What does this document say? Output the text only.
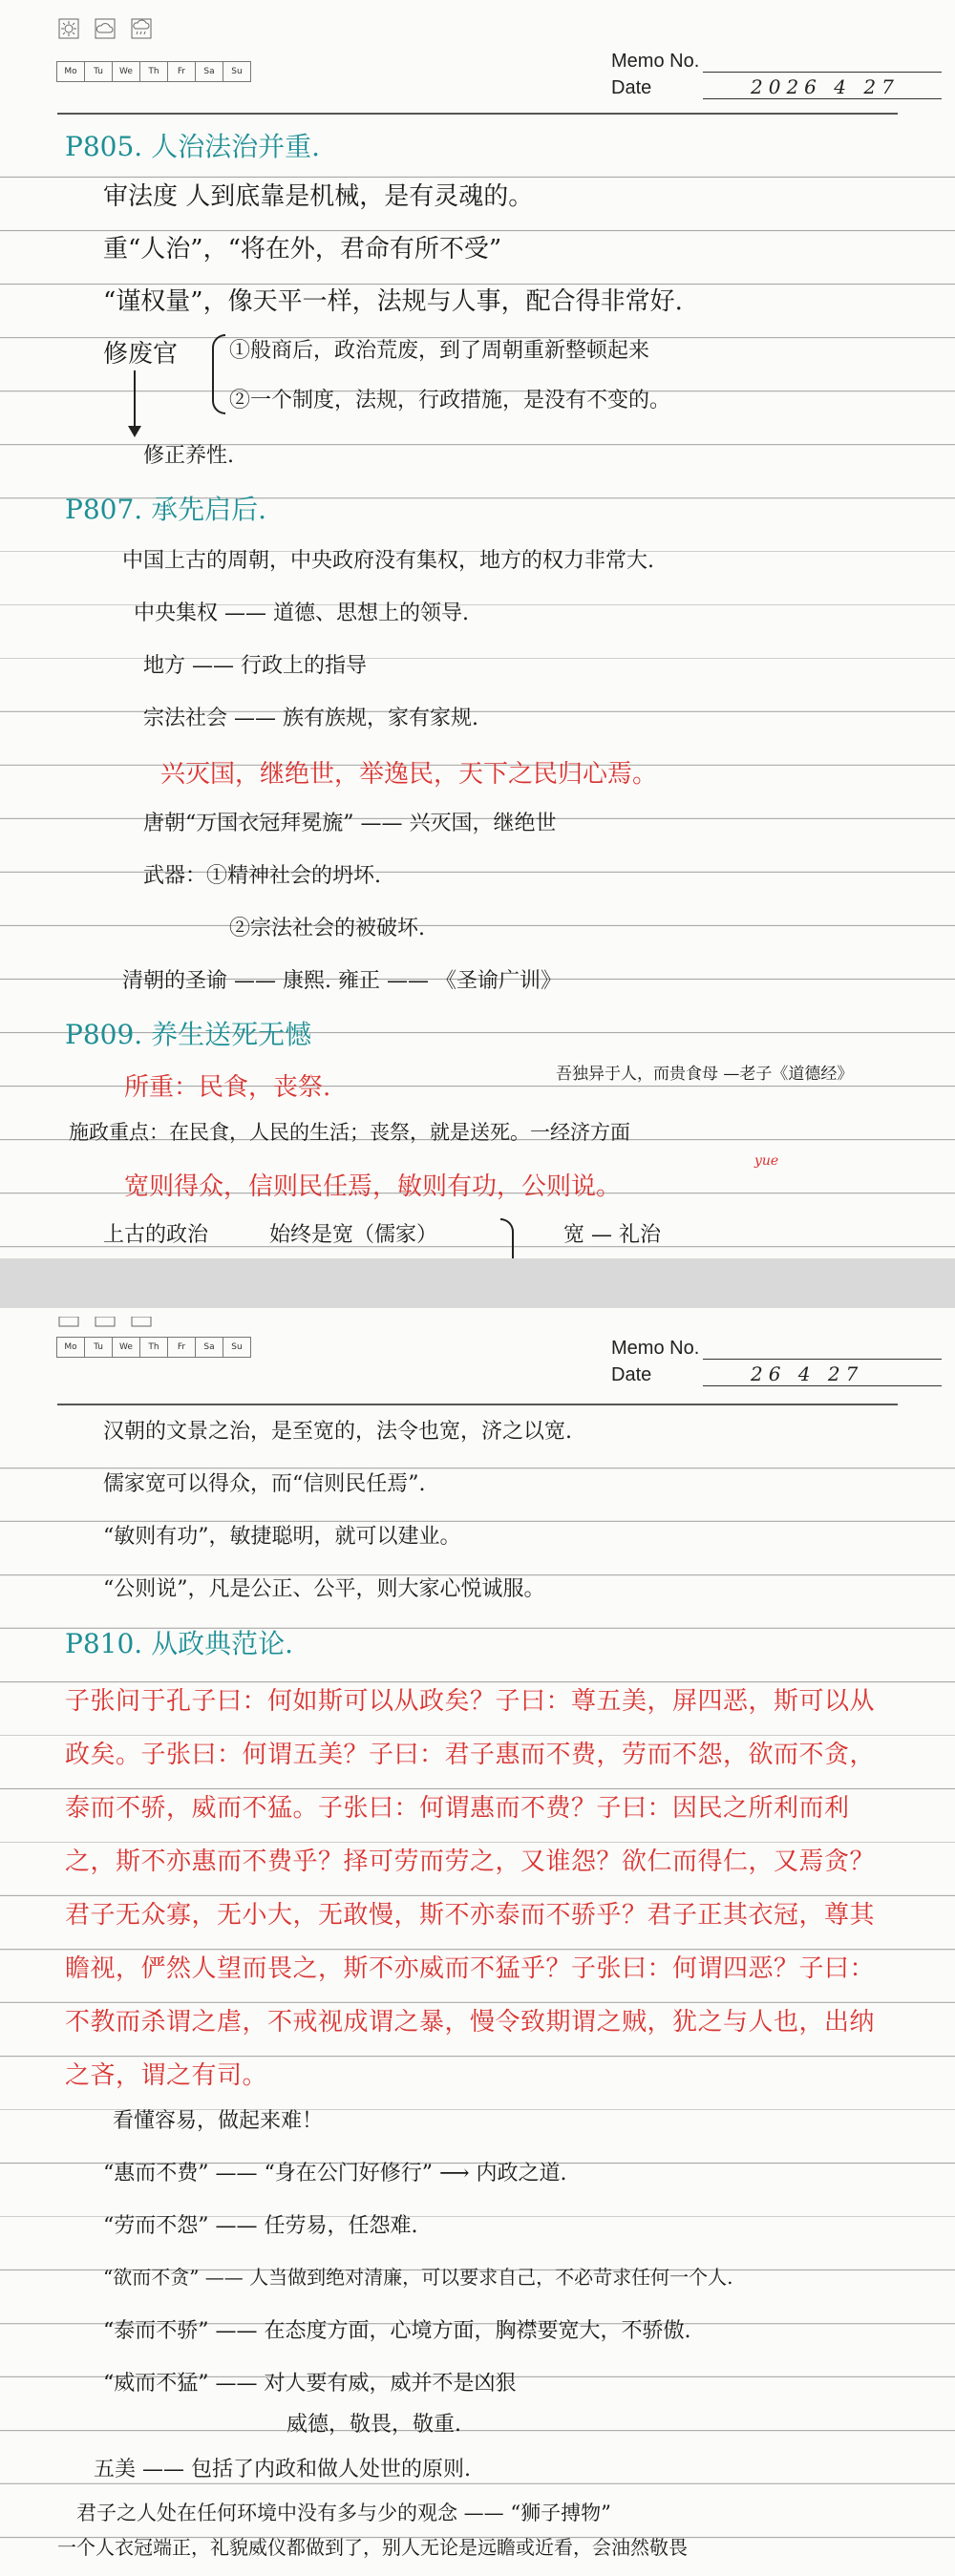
Mo	Tu	We	Th	Fr	Sa	Su	Memo No.
Date	2026 4 27
P805. 人治法治并重.
审法度 人到底靠是机械，是有灵魂的。
重“人治”，“将在外，君命有所不受”
“谨权量”，像天平一样，法规与人事，配合得非常好.
修废官 ①般商后，政治荒废，到了周朝重新整顿起来
②一个制度，法规，行政措施，是没有不变的。
修正养性.
P807. 承先启后.
中国上古的周朝，中央政府没有集权，地方的权力非常大.
中央集权 —— 道德、思想上的领导.
地方 —— 行政上的指导
宗法社会 —— 族有族规，家有家规.
兴灭国，继绝世，举逸民，天下之民归心焉。
唐朝“万国衣冠拜冕旒” —— 兴灭国，继绝世
武器：①精神社会的坍坏.
②宗法社会的被破坏.
清朝的圣谕 —— 康熙. 雍正 —— 《圣谕广训》
P809. 养生送死无憾
所重：民食，丧祭.	吾独异于人，而贵食母 —老子《道德经》
施政重点：在民食，人民的生活；丧祭，就是送死。一经济方面
宽则得众，信则民任焉，敏则有功，公则说。
yue
上古的政治	始终是宽（儒家）	宽 — 礼治
Mo	Tu	We	Th	Fr	Sa	Su	Memo No.
Date	26 4 27
汉朝的文景之治，是至宽的，法令也宽，济之以宽.
儒家宽可以得众，而“信则民任焉”.
“敏则有功”，敏捷聪明，就可以建业。
“公则说”，凡是公正、公平，则大家心悦诚服。
P810. 从政典范论.
子张问于孔子曰：何如斯可以从政矣？子曰：尊五美，屏四恶，斯可以从政矣。子张曰：何谓五美？子曰：君子惠而不费，劳而不怨，欲而不贪，泰而不骄，威而不猛。子张曰：何谓惠而不费？子曰：因民之所利而利之，斯不亦惠而不费乎？择可劳而劳之，又谁怨？欲仁而得仁，又焉贪？君子无众寡，无小大，无敢慢，斯不亦泰而不骄乎？君子正其衣冠，尊其瞻视，俨然人望而畏之，斯不亦威而不猛乎？子张曰：何谓四恶？子曰：不教而杀谓之虐，不戒视成谓之暴，慢令致期谓之贼，犹之与人也，出纳之吝，谓之有司。
看懂容易，做起来难！
“惠而不费” —— “身在公门好修行” ⟶ 内政之道.
“劳而不怨” —— 任劳易，任怨难.
“欲而不贪” —— 人当做到绝对清廉，可以要求自己，不必苛求任何一个人.
“泰而不骄” —— 在态度方面，心境方面，胸襟要宽大，不骄傲.
“威而不猛” —— 对人要有威，威并不是凶狠
威德，敬畏，敬重.
五美 —— 包括了内政和做人处世的原则.
君子之人处在任何环境中没有多与少的观念 —— “狮子搏物”
一个人衣冠端正，礼貌威仪都做到了，别人无论是远瞻或近看，会油然敬畏
